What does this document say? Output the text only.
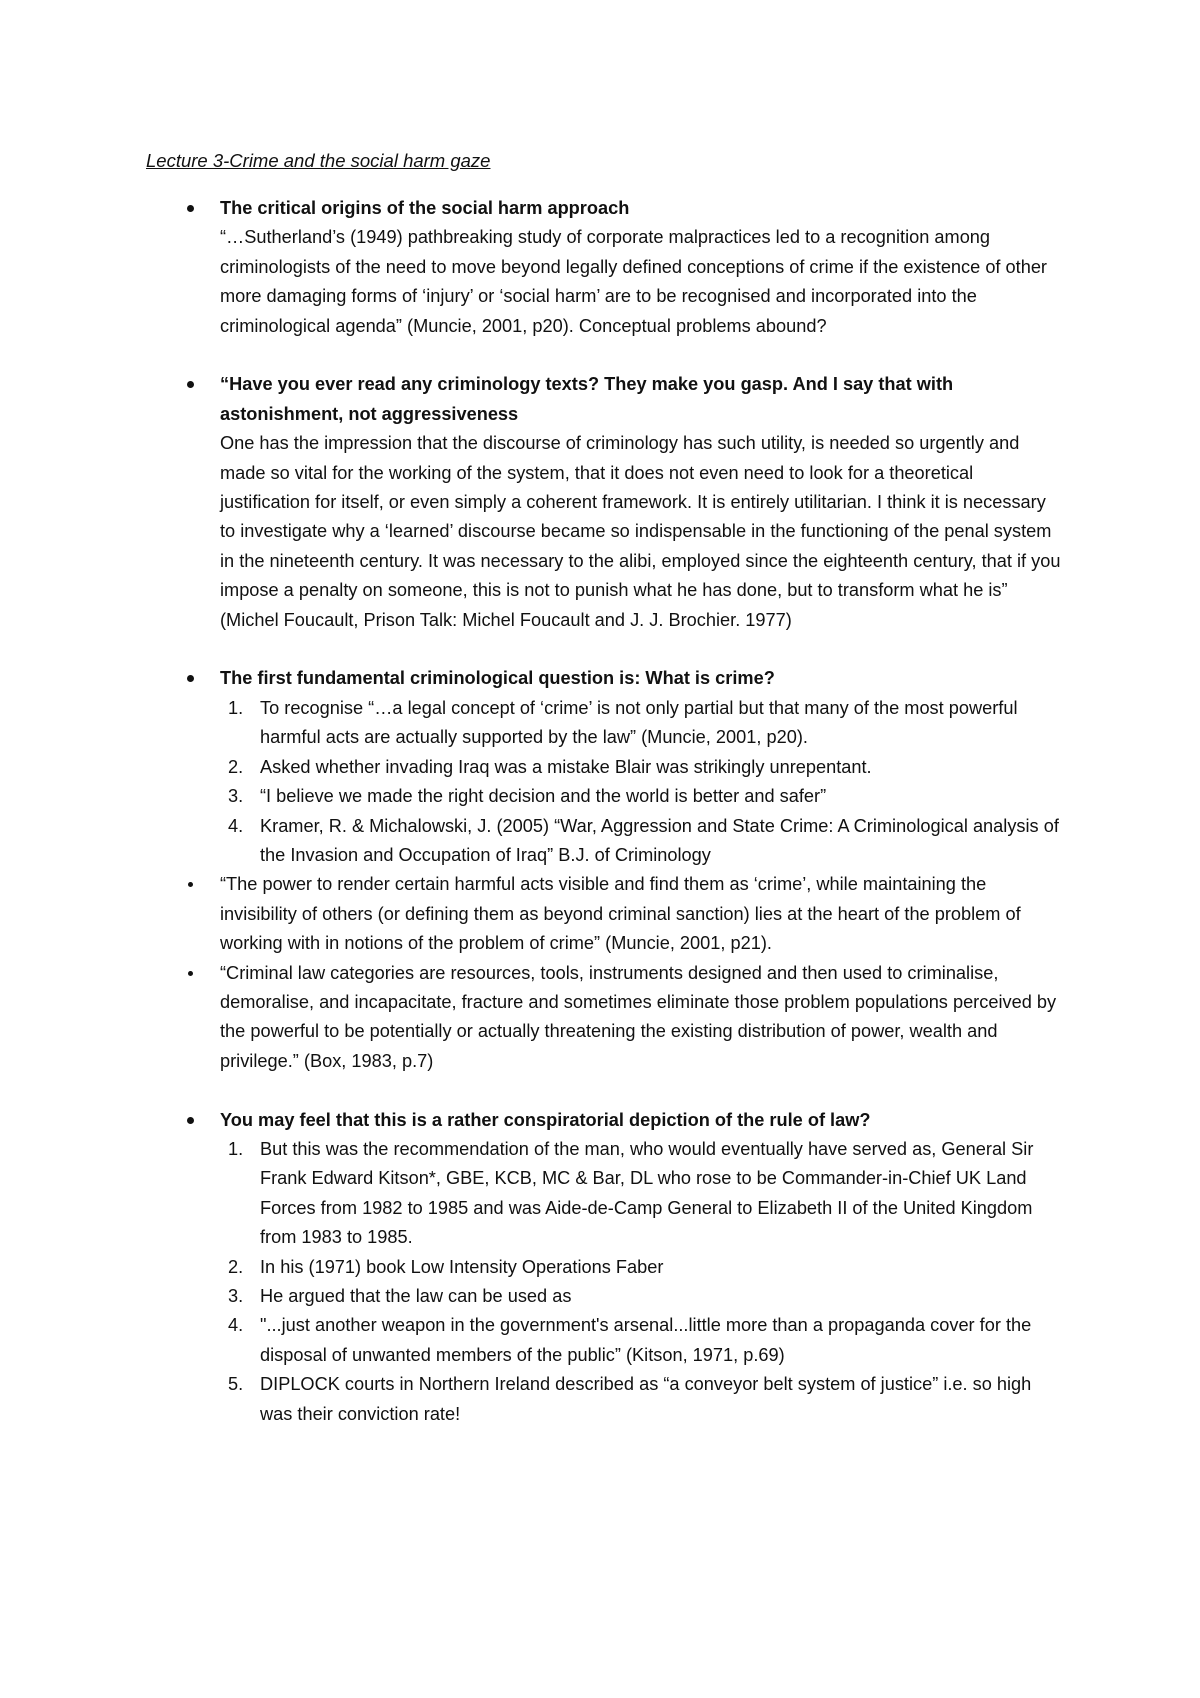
Lecture 3-Crime and the social harm gaze
The critical origins of the social harm approach
“…Sutherland’s (1949) pathbreaking study of corporate malpractices led to a recognition among criminologists of the need to move beyond legally defined conceptions of crime if the existence of other more damaging forms of ‘injury’ or ‘social harm’ are to be recognised and incorporated into the criminological agenda” (Muncie, 2001, p20). Conceptual problems abound?
“Have you ever read any criminology texts? They make you gasp. And I say that with astonishment, not aggressiveness
One has the impression that the discourse of criminology has such utility, is needed so urgently and made so vital for the working of the system, that it does not even need to look for a theoretical justification for itself, or even simply a coherent framework. It is entirely utilitarian. I think it is necessary to investigate why a ‘learned’ discourse became so indispensable in the functioning of the penal system in the nineteenth century. It was necessary to the alibi, employed since the eighteenth century, that if you impose a penalty on someone, this is not to punish what he has done, but to transform what he is” (Michel Foucault, Prison Talk: Michel Foucault and J. J. Brochier. 1977)
The first fundamental criminological question is: What is crime?
1. To recognise “…a legal concept of ‘crime’ is not only partial but that many of the most powerful harmful acts are actually supported by the law” (Muncie, 2001, p20).
2. Asked whether invading Iraq was a mistake Blair was strikingly unrepentant.
3. “I believe we made the right decision and the world is better and safer”
4. Kramer, R. & Michalowski, J. (2005) “War, Aggression and State Crime: A Criminological analysis of the Invasion and Occupation of Iraq” B.J. of Criminology
“The power to render certain harmful acts visible and find them as ‘crime’, while maintaining the invisibility of others (or defining them as beyond criminal sanction) lies at the heart of the problem of working with in notions of the problem of crime” (Muncie, 2001, p21).
“Criminal law categories are resources, tools, instruments designed and then used to criminalise, demoralise, and incapacitate, fracture and sometimes eliminate those problem populations perceived by the powerful to be potentially or actually threatening the existing distribution of power, wealth and privilege.” (Box, 1983, p.7)
You may feel that this is a rather conspiratorial depiction of the rule of law?
1. But this was the recommendation of the man, who would eventually have served as, General Sir Frank Edward Kitson*, GBE, KCB, MC & Bar, DL who rose to be Commander-in-Chief UK Land Forces from 1982 to 1985 and was Aide-de-Camp General to Elizabeth II of the United Kingdom from 1983 to 1985.
2. In his (1971) book Low Intensity Operations Faber
3. He argued that the law can be used as
4. "...just another weapon in the government's arsenal...little more than a propaganda cover for the disposal of unwanted members of the public” (Kitson, 1971, p.69)
5. DIPLOCK courts in Northern Ireland described as “a conveyor belt system of justice” i.e. so high was their conviction rate!
